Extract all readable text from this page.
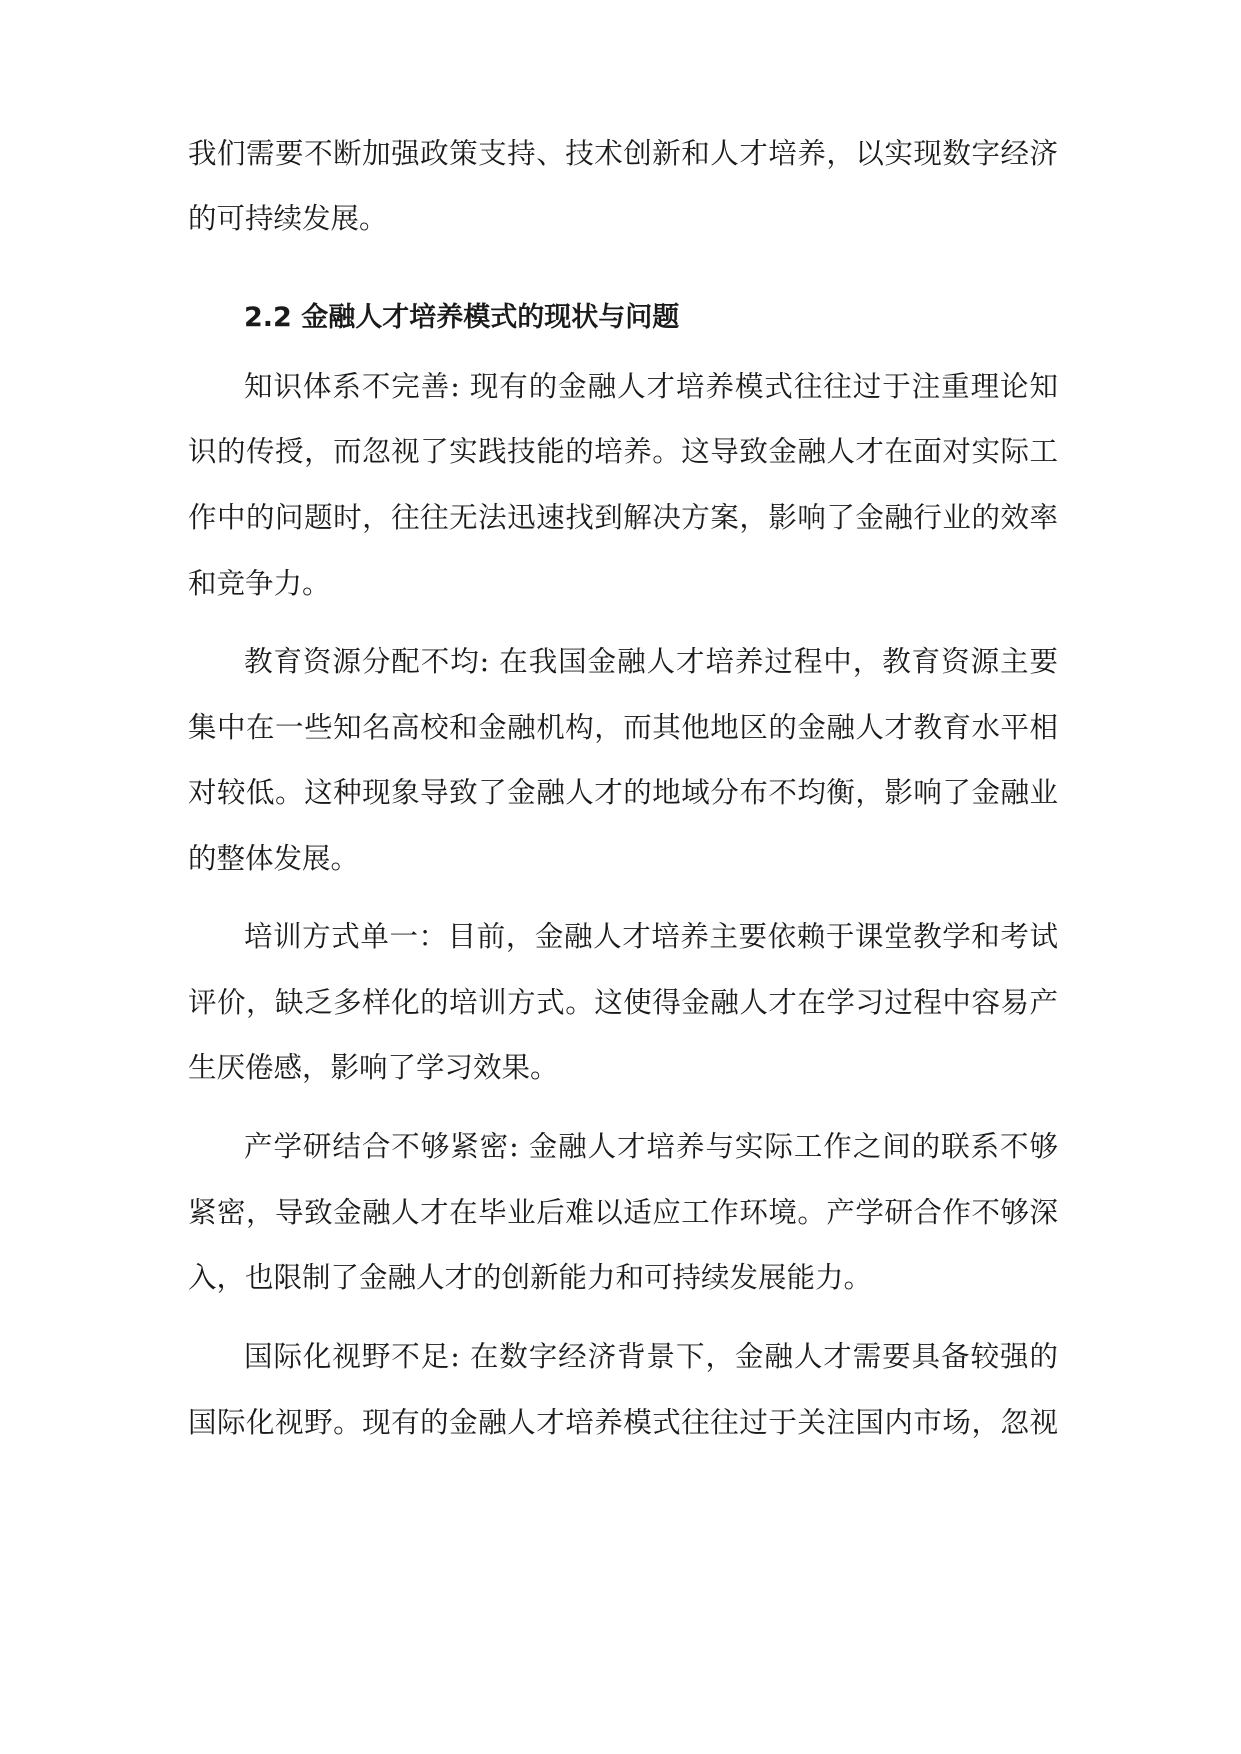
我们需要不断加强政策支持、技术创新和人才培养，以实现数字经济
的可持续发展。
2.2 金融人才培养模式的现状与问题
知识体系不完善: 现有的金融人才培养模式往往过于注重理论知
识的传授，而忽视了实践技能的培养。这导致金融人才在面对实际工
作中的问题时，往往无法迅速找到解决方案，影响了金融行业的效率
和竞争力。
教育资源分配不均: 在我国金融人才培养过程中，教育资源主要
集中在一些知名高校和金融机构，而其他地区的金融人才教育水平相
对较低。这种现象导致了金融人才的地域分布不均衡，影响了金融业
的整体发展。
培训方式单一：目前，金融人才培养主要依赖于课堂教学和考试
评价，缺乏多样化的培训方式。这使得金融人才在学习过程中容易产
生厌倦感，影响了学习效果。
产学研结合不够紧密: 金融人才培养与实际工作之间的联系不够
紧密，导致金融人才在毕业后难以适应工作环境。产学研合作不够深
入，也限制了金融人才的创新能力和可持续发展能力。
国际化视野不足: 在数字经济背景下，金融人才需要具备较强的
国际化视野。现有的金融人才培养模式往往过于关注国内市场，忽视
